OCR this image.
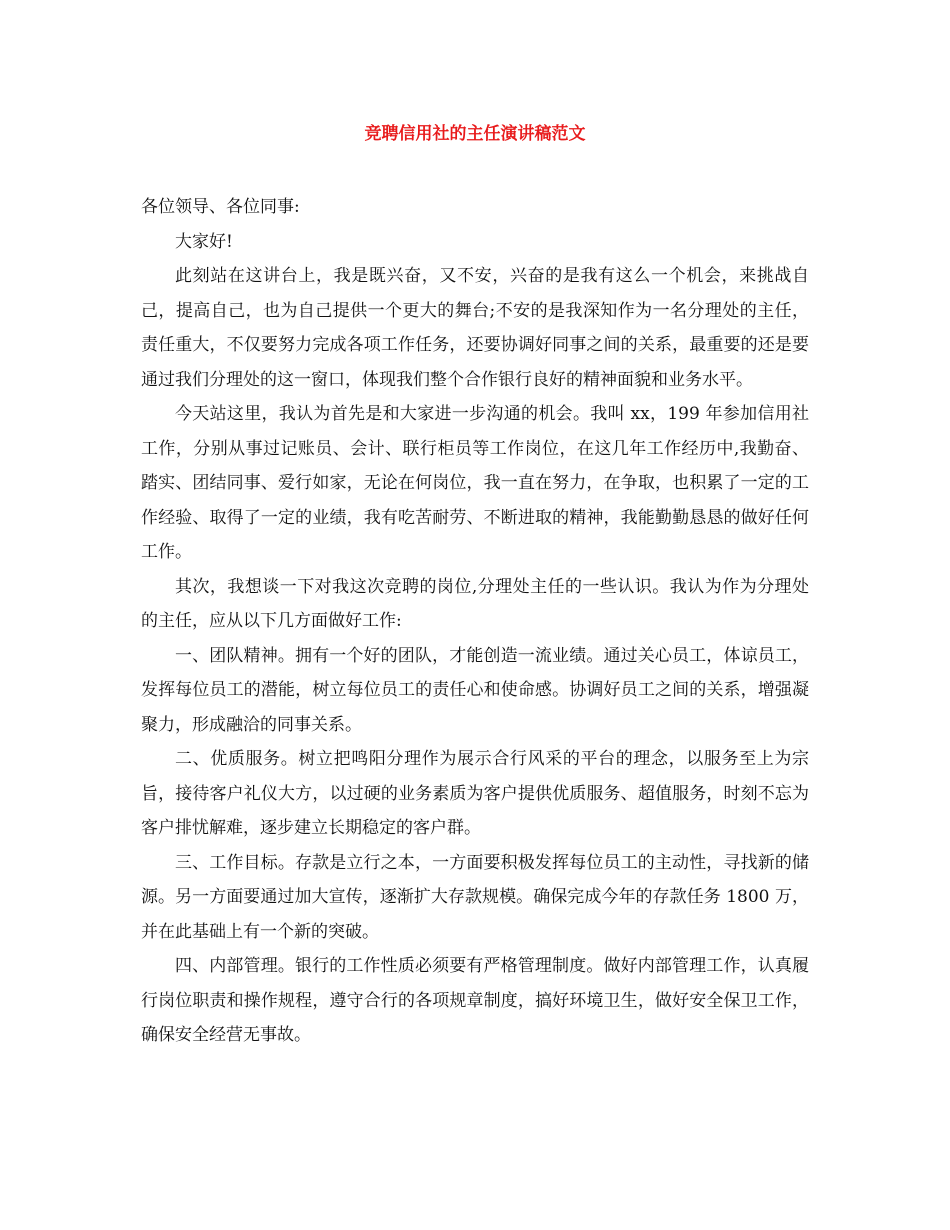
竞聘信用社的主任演讲稿范文

各位领导、各位同事:

大家好!

此刻站在这讲台上，我是既兴奋，又不安，兴奋的是我有这么一个机会，来挑战自己，提高自己，也为自己提供一个更大的舞台;不安的是我深知作为一名分理处的主任，责任重大，不仅要努力完成各项工作任务，还要协调好同事之间的关系，最重要的还是要通过我们分理处的这一窗口，体现我们整个合作银行良好的精神面貌和业务水平。

今天站这里，我认为首先是和大家进一步沟通的机会。我叫 xx，199 年参加信用社工作，分别从事过记账员、会计、联行柜员等工作岗位，在这几年工作经历中,我勤奋、踏实、团结同事、爱行如家，无论在何岗位，我一直在努力，在争取，也积累了一定的工作经验、取得了一定的业绩，我有吃苦耐劳、不断进取的精神，我能勤勤恳恳的做好任何工作。

其次，我想谈一下对我这次竞聘的岗位,分理处主任的一些认识。我认为作为分理处的主任，应从以下几方面做好工作:

一、团队精神。拥有一个好的团队，才能创造一流业绩。通过关心员工，体谅员工，发挥每位员工的潜能，树立每位员工的责任心和使命感。协调好员工之间的关系，增强凝聚力，形成融洽的同事关系。

二、优质服务。树立把鸣阳分理作为展示合行风采的平台的理念，以服务至上为宗旨，接待客户礼仪大方，以过硬的业务素质为客户提供优质服务、超值服务，时刻不忘为客户排忧解难，逐步建立长期稳定的客户群。

三、工作目标。存款是立行之本，一方面要积极发挥每位员工的主动性，寻找新的储源。另一方面要通过加大宣传，逐渐扩大存款规模。确保完成今年的存款任务 1800 万，并在此基础上有一个新的突破。

四、内部管理。银行的工作性质必须要有严格管理制度。做好内部管理工作，认真履行岗位职责和操作规程，遵守合行的各项规章制度，搞好环境卫生，做好安全保卫工作，确保安全经营无事故。
